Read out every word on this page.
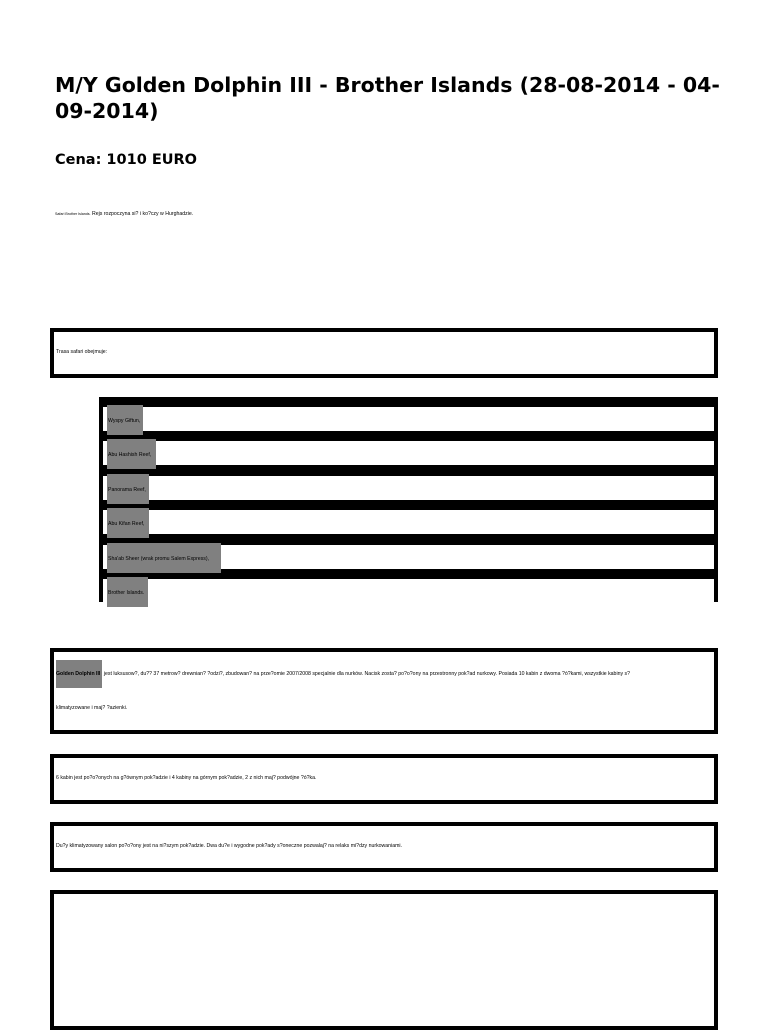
M/Y Golden Dolphin III - Brother Islands (28-08-2014 - 04-09-2014)
Cena: 1010 EURO
Safari Brother Islands. Rejs rozpoczyna si? i ko?czy w Hurghadzie.

Trasa safari obejmuje:

Wyspy Giftun,
Abu Hashish Reef,
Panorama Reef,
Abu Kifan Reef,
Sha'ab Sheer (wrak promu Salem Express),
Brother Islands.

Golden Dolphin III jest luksusow?, du?? 37 metrow? drewnian? ?odzi?, zbudowan? na prze?omie 2007/2008 specjalnie dla nurków. Nacisk zosta? po?o?ony na przestronny pok?ad nurkowy. Posiada 10 kabin z dwoma ?ó?kami, wszystkie kabiny s?

klimatyzowane i maj? ?azienki.

6 kabin jest po?o?onych na g?ównym pok?adzie i 4 kabiny na górnym pok?adzie, 2 z nich maj? podwójne ?ó?ka.

Du?y klimatyzowany salon po?o?ony jest na ni?szym pok?adzie. Dwa du?e i wygodne pok?ady s?oneczne pozwalaj? na relaks mi?dzy nurkowaniami.
